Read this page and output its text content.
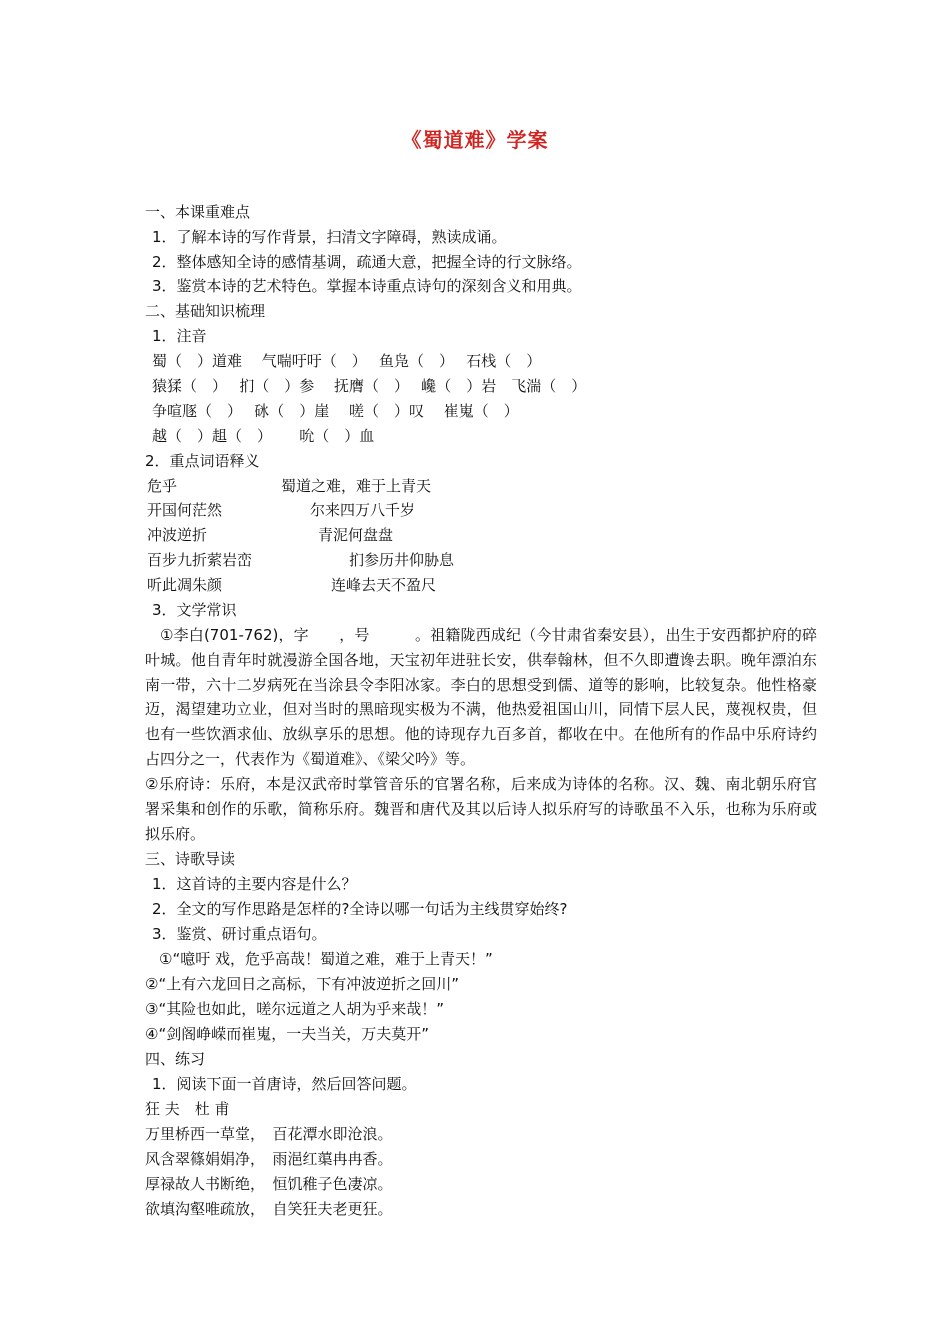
《蜀道难》学案
一、本课重难点
1．了解本诗的写作背景，扫清文字障碍，熟读成诵。
2．整体感知全诗的感情基调，疏通大意，把握全诗的行文脉络。
3．鉴赏本诗的艺术特色。掌握本诗重点诗句的深刻含义和用典。
二、基础知识梳理
1．注音
蜀（　）道难　 气喘吁吁（　）　 鱼凫（　）　 石栈（　）
猿猱（　）　 扪（　）参　 抚膺（　）　 巉（　）岩　飞湍（　）
争喧豗（　）　 砯（　）崖　 嗟（　）叹　 崔嵬（　）
越（　）趄（　）　　 吮（　）血
2．重点词语释义
危乎	蜀道之难，难于上青天
开国何茫然	尔来四万八千岁
冲波逆折	青泥何盘盘
百步九折萦岩峦	扪参历井仰胁息
听此凋朱颜	连峰去天不盈尺
3．文学常识
①李白(701-762)，字　　，号　　　。祖籍陇西成纪（今甘肃省秦安县），出生于安西都护府的碎叶城。他自青年时就漫游全国各地，天宝初年进驻长安，供奉翰林，但不久即遭谗去职。晚年漂泊东南一带，六十二岁病死在当涂县令李阳冰家。李白的思想受到儒、道等的影响，比较复杂。他性格豪迈，渴望建功立业，但对当时的黑暗现实极为不满，他热爱祖国山川，同情下层人民，蔑视权贵，但也有一些饮酒求仙、放纵享乐的思想。他的诗现存九百多首，都收在中。在他所有的作品中乐府诗约占四分之一，代表作为《蜀道难》、《梁父吟》等。
②乐府诗：乐府，本是汉武帝时掌管音乐的官署名称，后来成为诗体的名称。汉、魏、南北朝乐府官署采集和创作的乐歌，简称乐府。魏晋和唐代及其以后诗人拟乐府写的诗歌虽不入乐，也称为乐府或拟乐府。
三、诗歌导读
1．这首诗的主要内容是什么？
2．全文的写作思路是怎样的?全诗以哪一句话为主线贯穿始终?
3．鉴赏、研讨重点语句。
①“噫吁 戏，危乎高哉！蜀道之难，难于上青天！”
②“上有六龙回日之高标，下有冲波逆折之回川”
③“其险也如此，嗟尔远道之人胡为乎来哉！”
④“剑阁峥嵘而崔嵬，一夫当关，万夫莫开”
四、练习
1．阅读下面一首唐诗，然后回答问题。
狂 夫　杜 甫
万里桥西一草堂，　百花潭水即沧浪。
风含翠篠娟娟净，　雨浥红蕖冉冉香。
厚禄故人书断绝，　恒饥稚子色凄凉。
欲填沟壑唯疏放，　自笑狂夫老更狂。
